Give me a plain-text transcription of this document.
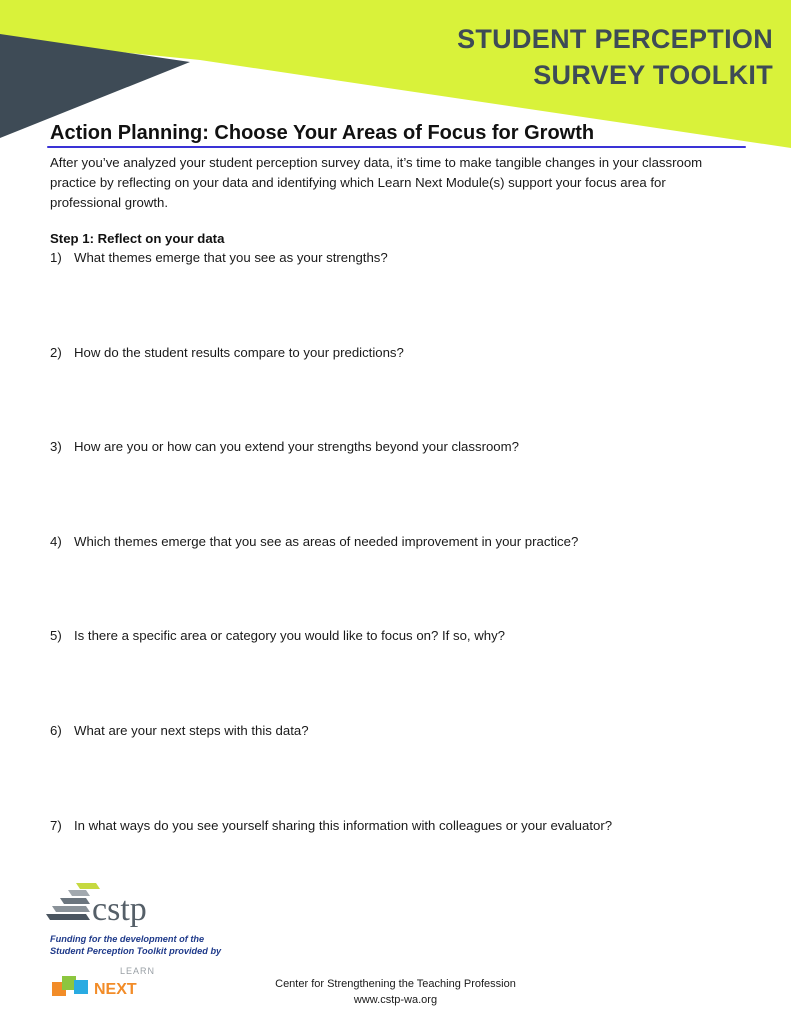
STUDENT PERCEPTION
SURVEY TOOLKIT
Action Planning: Choose Your Areas of Focus for Growth

After you’ve analyzed your student perception survey data, it’s time to make tangible changes in your classroom practice by reflecting on your data and identifying which Learn Next Module(s) support your focus area for professional growth.

Step 1: Reflect on your data

1) What themes emerge that you see as your strengths?

2) How do the student results compare to your predictions?

3) How are you or how can you extend your strengths beyond your classroom?

4) Which themes emerge that you see as areas of needed improvement in your practice?

5) Is there a specific area or category you would like to focus on? If so, why?

6) What are your next steps with this data?

7) In what ways do you see yourself sharing this information with colleagues or your evaluator?

cstp

Funding for the development of the
Student Perception Toolkit provided by

LEARN
NEXT	Center for Strengthening the Teaching Profession
www.cstp-wa.org
